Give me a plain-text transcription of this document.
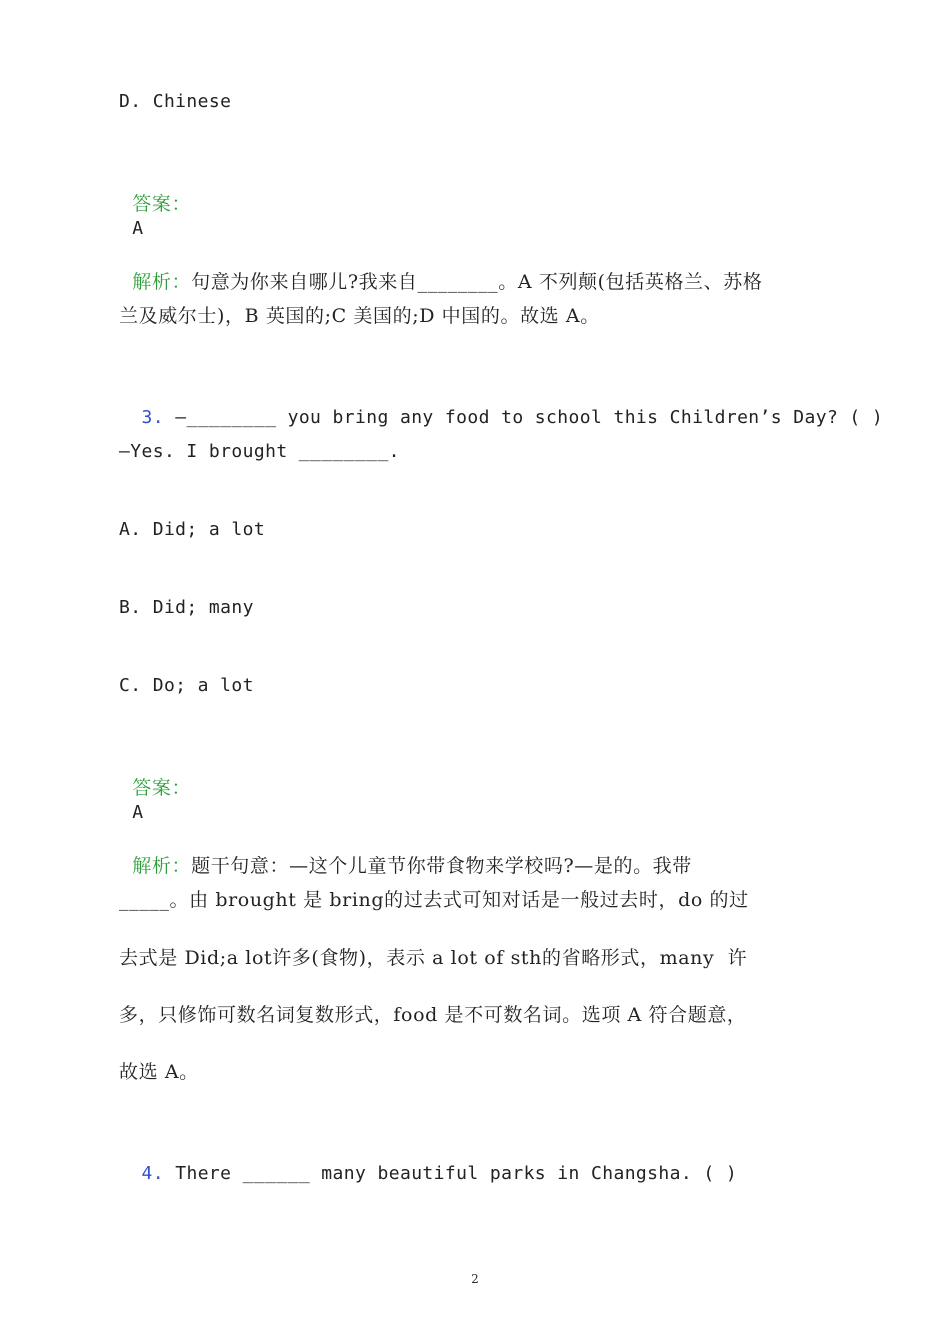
D. Chinese

答案：
A

解析：句意为你来自哪儿?我来自________。A 不列颠(包括英格兰、苏格

兰及威尔士)，B 英国的;C 美国的;D 中国的。故选 A。

3. —________ you bring any food to school this Children’s Day? ( )

—Yes. I brought ________.
A. Did; a lot
B. Did; many
C. Do; a lot

答案：
A

解析：题干句意：—这个儿童节你带食物来学校吗?—是的。我带

_____。由 brought 是 bring的过去式可知对话是一般过去时，do 的过
去式是 Did;a lot许多(食物)，表示 a lot of sth的省略形式，many  许
多，只修饰可数名词复数形式，food 是不可数名词。选项 A 符合题意，
故选 A。

4. There ______ many beautiful parks in Changsha. ( )

2
